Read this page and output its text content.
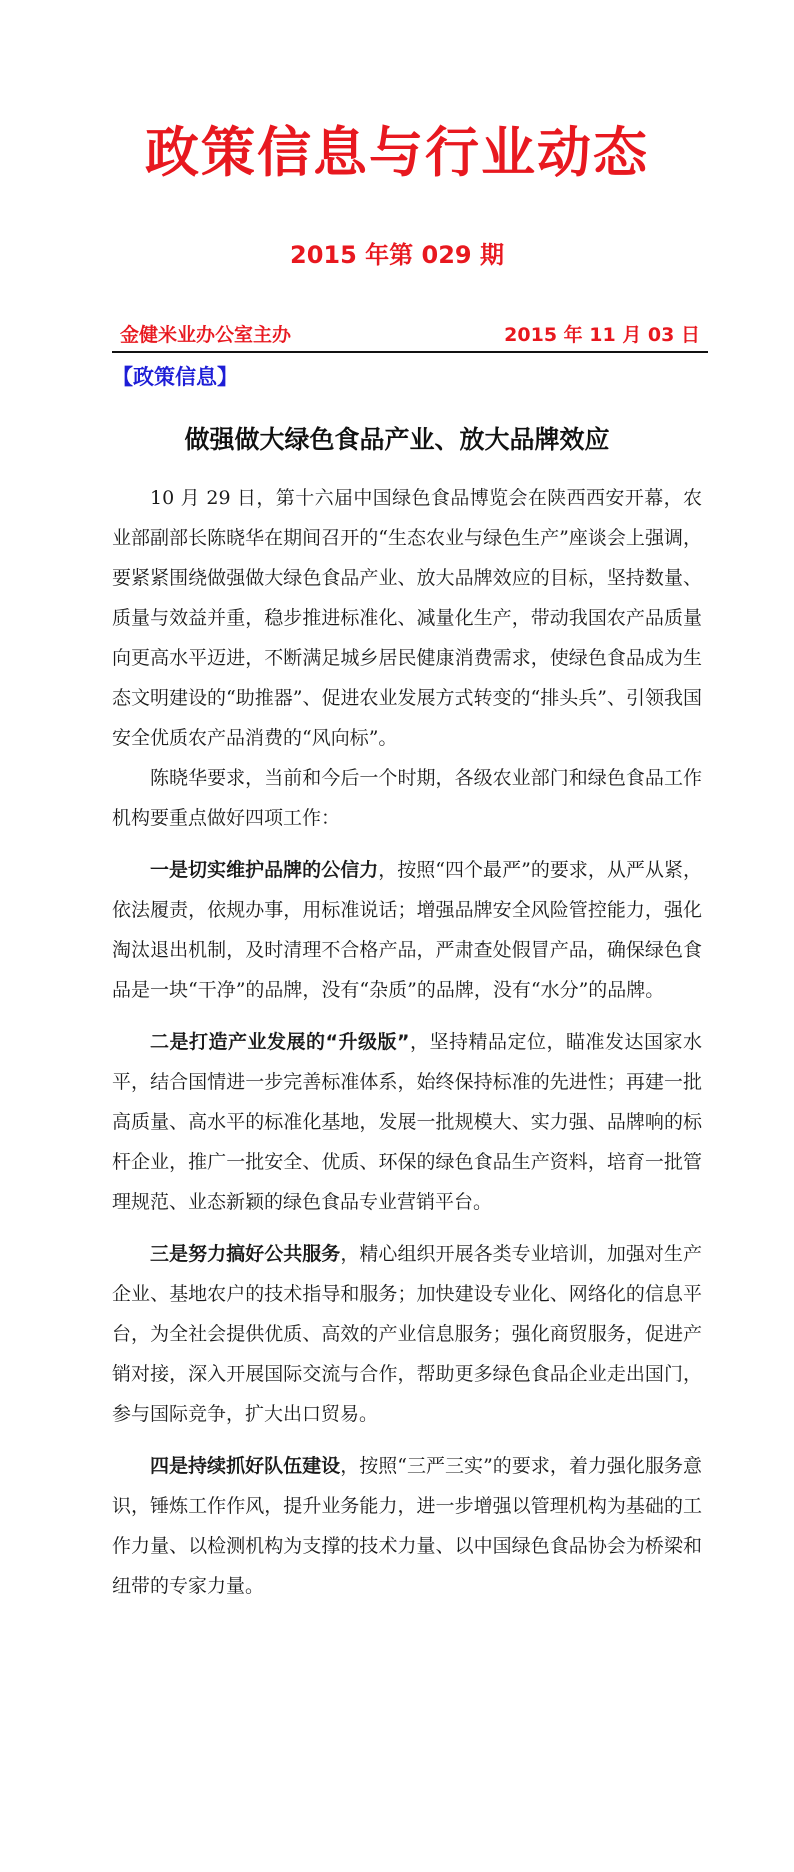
政策信息与行业动态
2015 年第 029 期
金健米业办公室主办	2015 年 11 月 03 日
【政策信息】
做强做大绿色食品产业、放大品牌效应

10 月 29 日，第十六届中国绿色食品博览会在陕西西安开幕，农业部副部长陈晓华在期间召开的“生态农业与绿色生产”座谈会上强调，要紧紧围绕做强做大绿色食品产业、放大品牌效应的目标，坚持数量、质量与效益并重，稳步推进标准化、减量化生产，带动我国农产品质量向更高水平迈进，不断满足城乡居民健康消费需求，使绿色食品成为生态文明建设的“助推器”、促进农业发展方式转变的“排头兵”、引领我国安全优质农产品消费的“风向标”。

陈晓华要求，当前和今后一个时期，各级农业部门和绿色食品工作机构要重点做好四项工作：

一是切实维护品牌的公信力，按照“四个最严”的要求，从严从紧，依法履责，依规办事，用标准说话；增强品牌安全风险管控能力，强化淘汰退出机制，及时清理不合格产品，严肃查处假冒产品，确保绿色食品是一块“干净”的品牌，没有“杂质”的品牌，没有“水分”的品牌。

二是打造产业发展的“升级版”，坚持精品定位，瞄准发达国家水平，结合国情进一步完善标准体系，始终保持标准的先进性；再建一批高质量、高水平的标准化基地，发展一批规模大、实力强、品牌响的标杆企业，推广一批安全、优质、环保的绿色食品生产资料，培育一批管理规范、业态新颖的绿色食品专业营销平台。

三是努力搞好公共服务，精心组织开展各类专业培训，加强对生产企业、基地农户的技术指导和服务；加快建设专业化、网络化的信息平台，为全社会提供优质、高效的产业信息服务；强化商贸服务，促进产销对接，深入开展国际交流与合作，帮助更多绿色食品企业走出国门，参与国际竞争，扩大出口贸易。

四是持续抓好队伍建设，按照“三严三实”的要求，着力强化服务意识，锤炼工作作风，提升业务能力，进一步增强以管理机构为基础的工作力量、以检测机构为支撑的技术力量、以中国绿色食品协会为桥梁和纽带的专家力量。
